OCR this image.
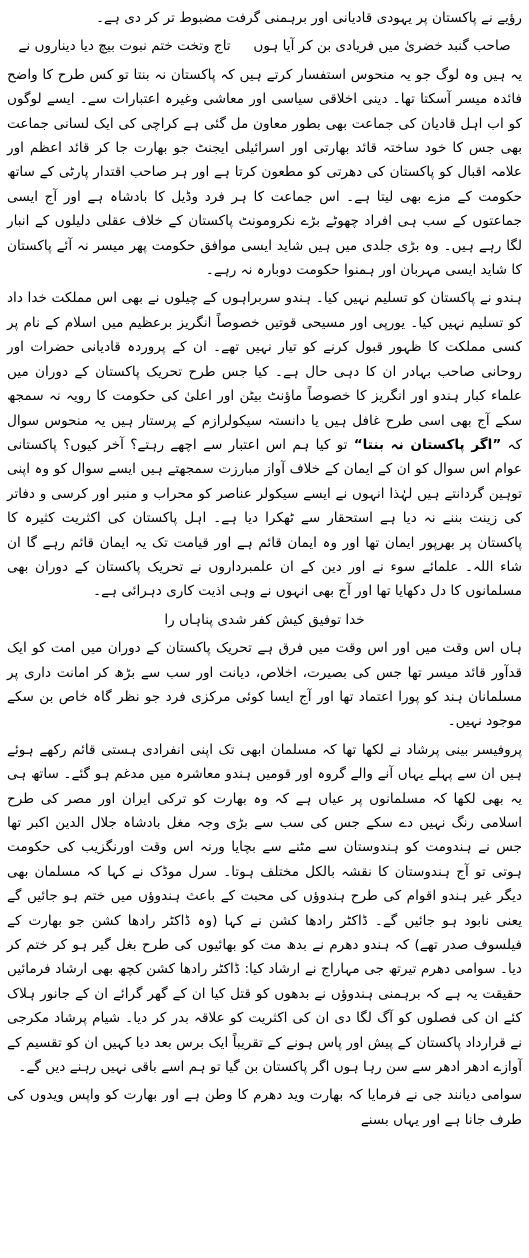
رؤیے نے پاکستان پر یہودی قادیانی اور برہمنی گرفت مضبوط تر کر دی ہے۔

صاحب گنبد خضریٰ میں فریادی بن کر آیا ہوں
تاج وتخت ختم نبوت بیچ دیا دیناروں نے

یہ ہیں وہ لوگ جو یہ منحوس استفسار کرتے ہیں کہ پاکستان نہ بنتا تو کس طرح کا واضح فائدہ میسر آسکتا تھا۔ دینی اخلاقی سیاسی اور معاشی وغیرہ اعتبارات سے۔ ایسے لوگوں کو اب اہل قادیان کی جماعت بھی بطور معاون مل گئی ہے کراچی کی ایک لسانی جماعت بھی جس کا خود ساختہ قائد بھارتی اور اسرائیلی ایجنٹ جو بھارت جا کر قائد اعظم اور علامہ اقبال کو پاکستان کی دھرتی کو مطعون کرتا ہے اور ہر صاحب اقتدار پارٹی کے ساتھ حکومت کے مزے بھی لیتا ہے۔ اس جماعت کا ہر فرد وڈیل کا بادشاہ ہے اور آج ایسی جماعتوں کے سب ہی افراد چھوٹے بڑے نکرومونٹ پاکستان کے خلاف عقلی دلیلوں کے انبار لگا رہے ہیں۔ وہ بڑی جلدی میں ہیں شاید ایسی موافق حکومت پھر میسر نہ آئے پاکستان کا شاید ایسی مہربان اور ہمنوا حکومت دوبارہ نہ رہے۔

ہندو نے پاکستان کو تسلیم نہیں کیا۔ ہندو سربراہوں کے چیلوں نے بھی اس مملکت خدا داد کو تسلیم نہیں کیا۔ یورپی اور مسیحی قوتیں خصوصاً انگریز برعظیم میں اسلام کے نام پر کسی مملکت کا ظہور قبول کرنے کو تیار نہیں تھے۔ ان کے پروردہ قادیانی حضرات اور روحانی صاحب بہادر ان کا دہی حال ہے۔ کیا جس طرح تحریک پاکستان کے دوران میں علماء کبار ہندو اور انگریز کا خصوصاً ماؤنٹ بیٹن اور اعلیٰ کی حکومت کا رویہ نہ سمجھ سکے آج بھی اسی طرح غافل ہیں یا دانستہ سیکولرازم کے پرستار ہیں یہ منحوس سوال کہ ”اگر پاکستان نہ بنتا“ تو کیا ہم اس اعتبار سے اچھے رہتے؟ آخر کیوں؟ پاکستانی عوام اس سوال کو ان کے ایمان کے خلاف آواز مبارزت سمجھتے ہیں ایسے سوال کو وہ اپنی توہین گردانتے ہیں لہٰذا انہوں نے ایسے سیکولر عناصر کو محراب و منبر اور کرسی و دفاتر کی زینت بننے نہ دیا ہے استحقار سے ٹھکرا دیا ہے۔ اہل پاکستان کی اکثریت کثیرہ کا پاکستان پر بھرپور ایمان تھا اور وہ ایمان قائم ہے اور قیامت تک یہ ایمان قائم رہے گا ان شاء اللہ۔ علمائے سوء نے اور دین کے ان علمبرداروں نے تحریک پاکستان کے دوران بھی مسلمانوں کا دل دکھایا تھا اور آج بھی انہوں نے وہی اذیت کاری دہرائی ہے۔

خدا توفیق کیش کفر شدی پناہاں را

ہاں اس وقت میں اور اس وقت میں فرق ہے تحریک پاکستان کے دوران میں امت کو ایک قدآور قائد میسر تھا جس کی بصیرت، اخلاص، دیانت اور سب سے بڑھ کر امانت داری پر مسلمانان ہند کو پورا اعتماد تھا اور آج ایسا کوئی مرکزی فرد جو نظر گاہ خاص بن سکے موجود نہیں۔

پروفیسر بینی پرشاد نے لکھا تھا کہ مسلمان ابھی تک اپنی انفرادی ہستی قائم رکھے ہوئے ہیں ان سے پہلے یہاں آنے والے گروہ اور قومیں ہندو معاشرہ میں مدغم ہو گئے۔ ساتھ ہی یہ بھی لکھا کہ مسلمانوں پر عیاں ہے کہ وہ بھارت کو ترکی ایران اور مصر کی طرح اسلامی رنگ نہیں دے سکے جس کی سب سے بڑی وجہ مغل بادشاہ جلال الدین اکبر تھا جس نے ہندومت کو ہندوستان سے مٹنے سے بچایا ورنہ اس وقت اورنگزیب کی حکومت ہوتی تو آج ہندوستان کا نقشہ بالکل مختلف ہوتا۔ سرل موڈک نے کہا کہ مسلمان بھی دیگر غیر ہندو اقوام کی طرح ہندوؤں کی محبت کے باعث ہندوؤں میں ختم ہو جائیں گے یعنی نابود ہو جائیں گے۔ ڈاکٹر رادھا کشن نے کہا (وہ ڈاکٹر رادھا کشن جو بھارت کے فیلسوف صدر تھے) کہ ہندو دھرم نے بدھ مت کو بھائیوں کی طرح بغل گیر ہو کر ختم کر دیا۔ سوامی دھرم تیرتھ جی مہاراج نے ارشاد کیا: ڈاکٹر رادھا کشن کچھ بھی ارشاد فرمائیں حقیقت یہ ہے کہ برہمنی ہندوؤں نے بدھوں کو قتل کیا ان کے گھر گرائے ان کے جانور ہلاک کئے ان کی فصلوں کو آگ لگا دی ان کی اکثریت کو علاقہ بدر کر دیا۔ شیام پرشاد مکرجی نے قرارداد پاکستان کے پیش اور پاس ہونے کے تقریباً ایک برس بعد دیا کہیں ان کو تقسیم کے آوازے ادھر ادھر سے سن رہا ہوں اگر پاکستان بن گیا تو ہم اسے باقی نہیں رہنے دیں گے۔

سوامی دیانند جی نے فرمایا کہ بھارت وید دھرم کا وطن ہے اور بھارت کو واپس ویدوں کی طرف جانا ہے اور یہاں بسنے
